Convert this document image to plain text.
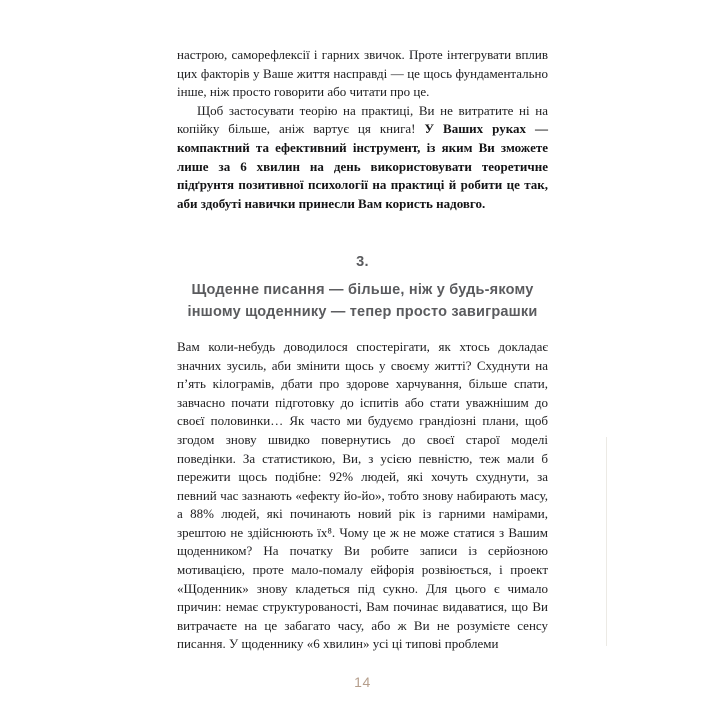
настрою, саморефлексії і гарних звичок. Проте інтегрувати вплив цих факторів у Ваше життя насправді — це щось фундаментально інше, ніж просто говорити або читати про це.

Щоб застосувати теорію на практиці, Ви не витратите ні на копійку більше, аніж вартує ця книга! У Ваших руках — компактний та ефективний інструмент, із яким Ви зможете лише за 6 хвилин на день використовувати теоретичне підґрунтя позитивної психології на практиці й робити це так, аби здобуті навички принесли Вам користь надовго.

3.
Щоденне писання — більше, ніж у будь-якому іншому щоденнику — тепер просто завиграшки

Вам коли-небудь доводилося спостерігати, як хтось докладає значних зусиль, аби змінити щось у своєму житті? Схуднути на п’ять кілограмів, дбати про здорове харчування, більше спати, завчасно почати підготовку до іспитів або стати уважнішим до своєї половинки… Як часто ми будуємо грандіозні плани, щоб згодом знову швидко повернутись до своєї старої моделі поведінки. За статистикою, Ви, з усією певністю, теж мали б пережити щось подібне: 92% людей, які хочуть схуднути, за певний час зазнають «ефекту йо-йо», тобто знову набирають масу, а 88% людей, які починають новий рік із гарними намірами, зрештою не здійснюють їх⁸. Чому це ж не може статися з Вашим щоденником? На початку Ви робите записи із серйозною мотивацією, проте мало-помалу ейфорія розвіюється, і проект «Щоденник» знову кладеться під сукно. Для цього є чимало причин: немає структурованості, Вам починає видаватися, що Ви витрачаєте на це забагато часу, або ж Ви не розумієте сенсу писання. У щоденнику «6 хвилин» усі ці типові проблеми

14
